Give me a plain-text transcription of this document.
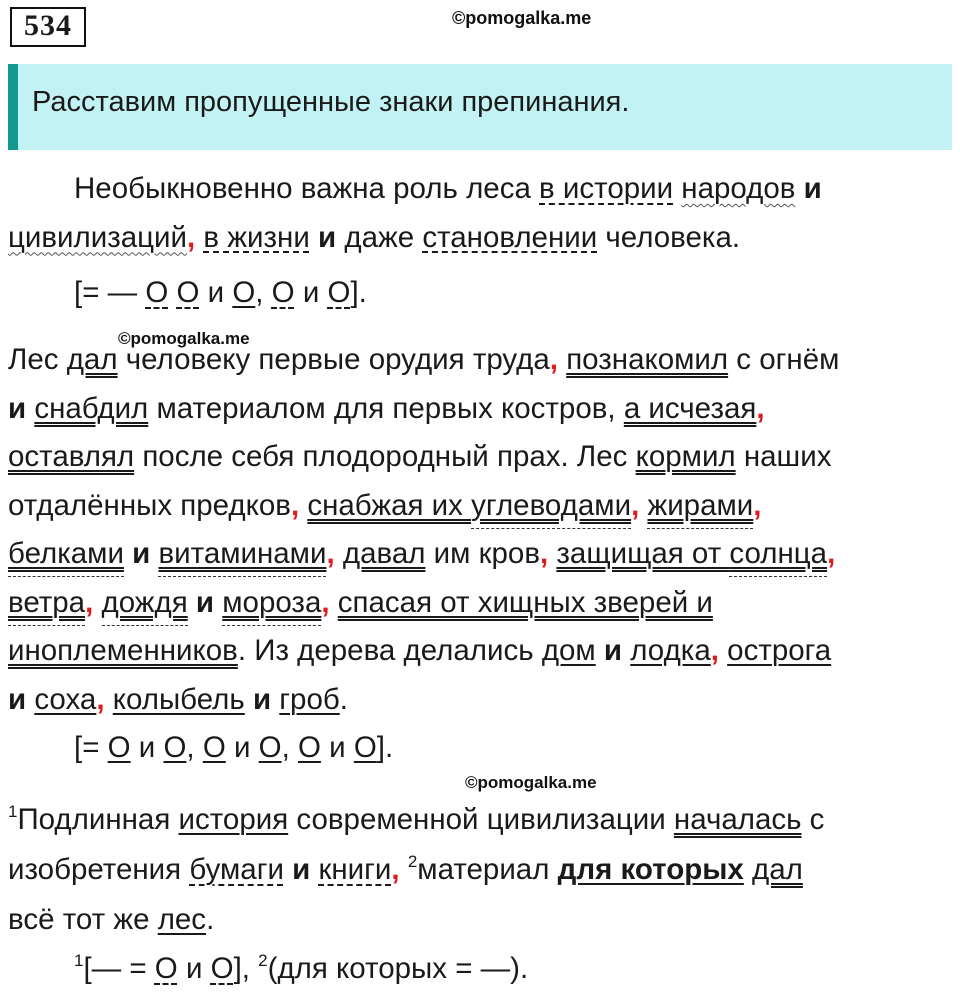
534	©pomogalka.me
Расставим пропущенные знаки препинания.
Необыкновенно важна роль леса в истории народов и
цивилизаций, в жизни и даже становлении человека.
[= — О О и О, О и О].
©pomogalka.me
Лес дал человеку первые орудия труда, познакомил с огнём
и снабдил материалом для первых костров, а исчезая,
оставлял после себя плодородный прах. Лес кормил наших
отдалённых предков, снабжая их углеводами, жирами,
белками и витаминами, давал им кров, защищая от солнца,
ветра, дождя и мороза, спасая от хищных зверей и
иноплеменников. Из дерева делались дом и лодка, острога
и соха, колыбель и гроб.
[= О и О, О и О, О и О].
©pomogalka.me
$^1$Подлинная история современной цивилизации началась с
изобретения бумаги и книги, $^2$материал для которых дал
всё тот же лес.
$^1$[— = О и О], $^2$(для которых = —).
